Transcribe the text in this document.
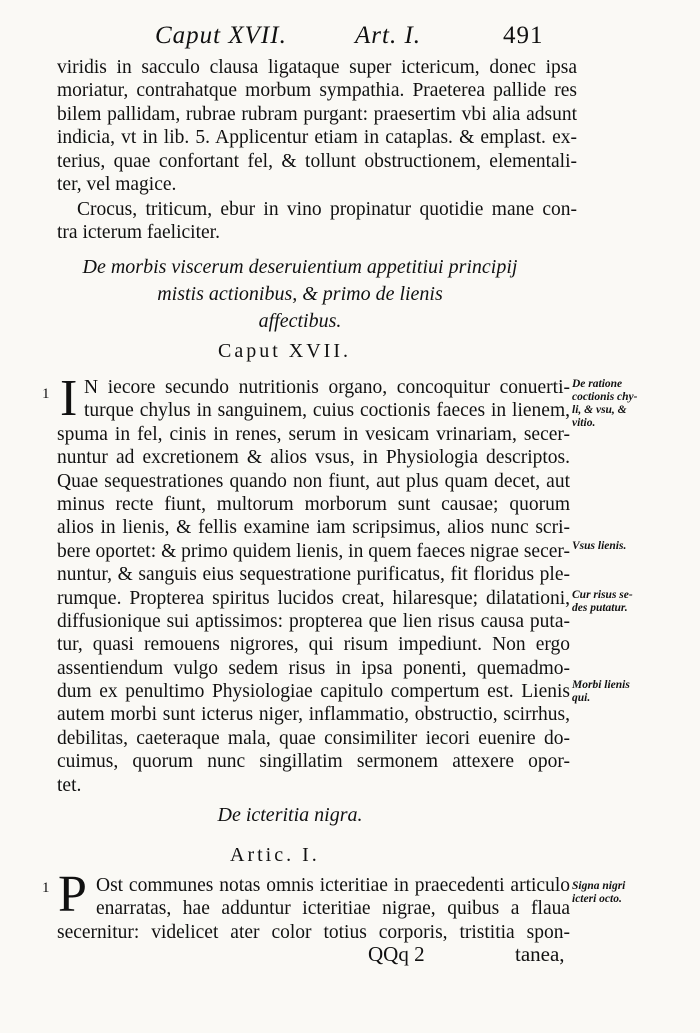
Caput XVII.	Art. I.	491
viridis in sacculo clausa ligataque super ictericum, donec ipsa
moriatur, contrahatque morbum sympathia. Praeterea pallide res
bilem pallidam, rubrae rubram purgant: praesertim vbi alia adsunt
indicia, vt in lib. 5. Applicentur etiam in cataplas. & emplast. ex-
terius, quae confortant fel, & tollunt obstructionem, elementali-
ter, vel magice.
Crocus, triticum, ebur in vino propinatur quotidie mane con-
tra icterum faeliciter.
De morbis viscerum deseruientium appetitiui principij
mistis actionibus, & primo de lienis
affectibus.
Caput XVII.
1 I N iecore secundo nutritionis organo, concoquitur conuerti-
turque chylus in sanguinem, cuius coctionis faeces in lienem,
spuma in fel, cinis in renes, serum in vesicam vrinariam, secer-
nuntur ad excretionem & alios vsus, in Physiologia descriptos.
Quae sequestrationes quando non fiunt, aut plus quam decet, aut
minus recte fiunt, multorum morborum sunt causae; quorum
alios in lienis, & fellis examine iam scripsimus, alios nunc scri-
bere oportet: & primo quidem lienis, in quem faeces nigrae secer-
nuntur, & sanguis eius sequestratione purificatus, fit floridus ple-
rumque. Propterea spiritus lucidos creat, hilaresque; dilatationi,
diffusionique sui aptissimos: propterea que lien risus causa puta-
tur, quasi remouens nigrores, qui risum impediunt. Non ergo
assentiendum vulgo sedem risus in ipsa ponenti, quemadmo-
dum ex penultimo Physiologiae capitulo compertum est. Lienis
autem morbi sunt icterus niger, inflammatio, obstructio, scirrhus,
debilitas, caeteraque mala, quae consimiliter iecori euenire do-
cuimus, quorum nunc singillatim sermonem attexere opor-
tet.
De ratione
coctionis chy-
li, & vsu, &
vitio.
Vsus lienis.
Cur risus se-
des putatur.
Morbi lienis
qui.
Signa nigri
icteri octo.
De icteritia nigra.
Artic. I.
1 P Ost communes notas omnis icteritiae in praecedenti articulo
enarratas, hae adduntur icteritiae nigrae, quibus a flaua
secernitur: videlicet ater color totius corporis, tristitia spon-
QQq 2	tanea,
